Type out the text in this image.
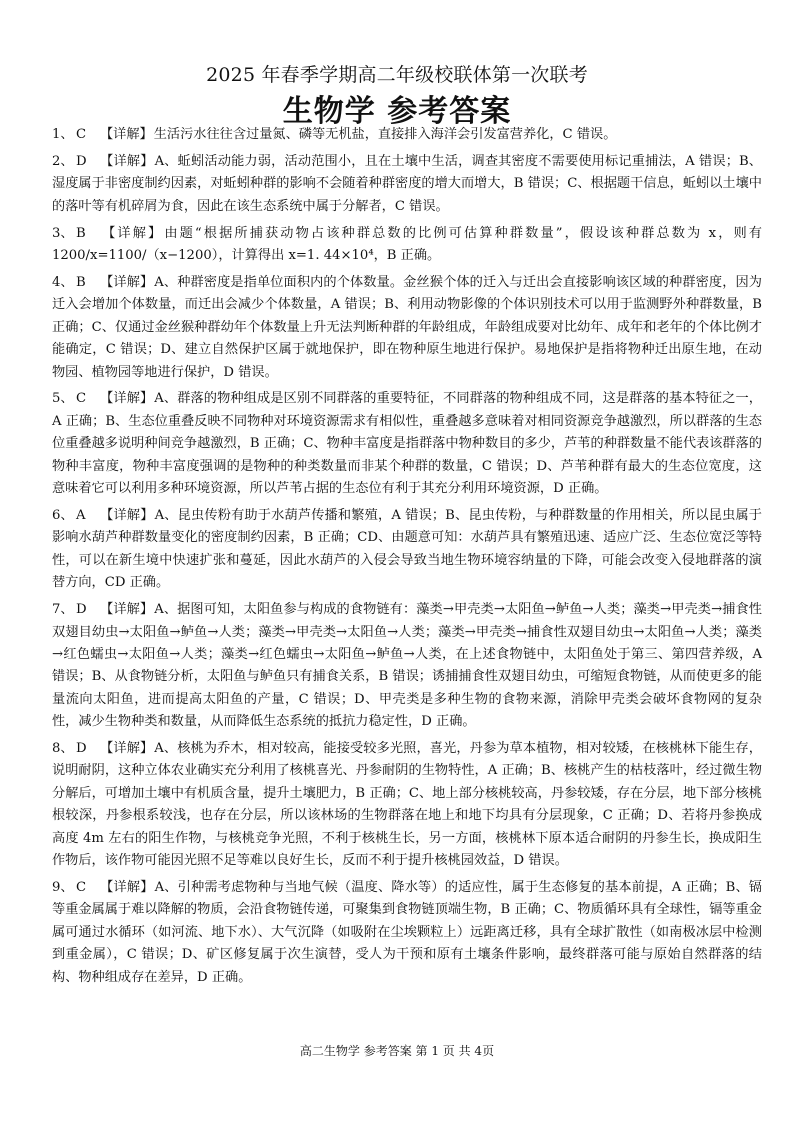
2025 年春季学期高二年级校联体第一次联考
生物学 参考答案
1、 C 【详解】生活污水往往含过量氮、磷等无机盐，直接排入海洋会引发富营养化，C 错误。
2、 D 【详解】A、蚯蚓活动能力弱，活动范围小，且在土壤中生活，调查其密度不需要使用标记重捕法，A 错误；B、湿度属于非密度制约因素，对蚯蚓种群的影响不会随着种群密度的增大而增大，B 错误；C、根据题干信息，蚯蚓以土壤中的落叶等有机碎屑为食，因此在该生态系统中属于分解者，C 错误。
3、 B 【详解】由题“根据所捕获动物占该种群总数的比例可估算种群数量”，假设该种群总数为 x，则有 1200/x=1100/（x−1200），计算得出 x=1. 44×10⁴，B 正确。
4、 B 【详解】A、种群密度是指单位面积内的个体数量。金丝猴个体的迁入与迁出会直接影响该区域的种群密度，因为迁入会增加个体数量，而迁出会减少个体数量，A 错误；B、利用动物影像的个体识别技术可以用于监测野外种群数量，B 正确；C、仅通过金丝猴种群幼年个体数量上升无法判断种群的年龄组成，年龄组成要对比幼年、成年和老年的个体比例才能确定，C 错误；D、建立自然保护区属于就地保护，即在物种原生地进行保护。易地保护是指将物种迁出原生地，在动物园、植物园等地进行保护，D 错误。
5、 C 【详解】A、群落的物种组成是区别不同群落的重要特征，不同群落的物种组成不同，这是群落的基本特征之一，A 正确；B、生态位重叠反映不同物种对环境资源需求有相似性，重叠越多意味着对相同资源竞争越激烈，所以群落的生态位重叠越多说明种间竞争越激烈，B 正确；C、物种丰富度是指群落中物种数目的多少，芦苇的种群数量不能代表该群落的物种丰富度，物种丰富度强调的是物种的种类数量而非某个种群的数量，C 错误；D、芦苇种群有最大的生态位宽度，这意味着它可以利用多种环境资源，所以芦苇占据的生态位有利于其充分利用环境资源，D 正确。
6、 A 【详解】A、昆虫传粉有助于水葫芦传播和繁殖，A 错误；B、昆虫传粉，与种群数量的作用相关，所以昆虫属于影响水葫芦种群数量变化的密度制约因素，B 正确；CD、由题意可知：水葫芦具有繁殖迅速、适应广泛、生态位宽泛等特性，可以在新生境中快速扩张和蔓延，因此水葫芦的入侵会导致当地生物环境容纳量的下降，可能会改变入侵地群落的演替方向，CD 正确。
7、 D 【详解】A、据图可知，太阳鱼参与构成的食物链有：藻类→甲壳类→太阳鱼→鲈鱼→人类；藻类→甲壳类→捕食性双翅目幼虫→太阳鱼→鲈鱼→人类；藻类→甲壳类→太阳鱼→人类；藻类→甲壳类→捕食性双翅目幼虫→太阳鱼→人类；藻类→红色蠕虫→太阳鱼→人类；藻类→红色蠕虫→太阳鱼→鲈鱼→人类，在上述食物链中，太阳鱼处于第三、第四营养级，A 错误；B、从食物链分析，太阳鱼与鲈鱼只有捕食关系，B 错误；诱捕捕食性双翅目幼虫，可缩短食物链，从而使更多的能量流向太阳鱼，进而提高太阳鱼的产量，C 错误；D、甲壳类是多种生物的食物来源，消除甲壳类会破坏食物网的复杂性，减少生物种类和数量，从而降低生态系统的抵抗力稳定性，D 正确。
8、 D 【详解】A、核桃为乔木，相对较高，能接受较多光照，喜光，丹参为草本植物，相对较矮，在核桃林下能生存，说明耐阴，这种立体农业确实充分利用了核桃喜光、丹参耐阴的生物特性，A 正确；B、核桃产生的枯枝落叶，经过微生物分解后，可增加土壤中有机质含量，提升土壤肥力，B 正确；C、地上部分核桃较高，丹参较矮，存在分层，地下部分核桃根较深，丹参根系较浅，也存在分层，所以该林场的生物群落在地上和地下均具有分层现象，C 正确；D、若将丹参换成高度 4m 左右的阳生作物，与核桃竞争光照，不利于核桃生长，另一方面，核桃林下原本适合耐阴的丹参生长，换成阳生作物后，该作物可能因光照不足等难以良好生长，反而不利于提升核桃园效益，D 错误。
9、 C 【详解】A、引种需考虑物种与当地气候（温度、降水等）的适应性，属于生态修复的基本前提，A 正确；B、镉等重金属属于难以降解的物质，会沿食物链传递，可聚集到食物链顶端生物，B 正确；C、物质循环具有全球性，镉等重金属可通过水循环（如河流、地下水）、大气沉降（如吸附在尘埃颗粒上）远距离迁移，具有全球扩散性（如南极冰层中检测到重金属），C 错误；D、矿区修复属于次生演替，受人为干预和原有土壤条件影响，最终群落可能与原始自然群落的结构、物种组成存在差异，D 正确。
高二生物学 参考答案 第 1 页 共 4页
